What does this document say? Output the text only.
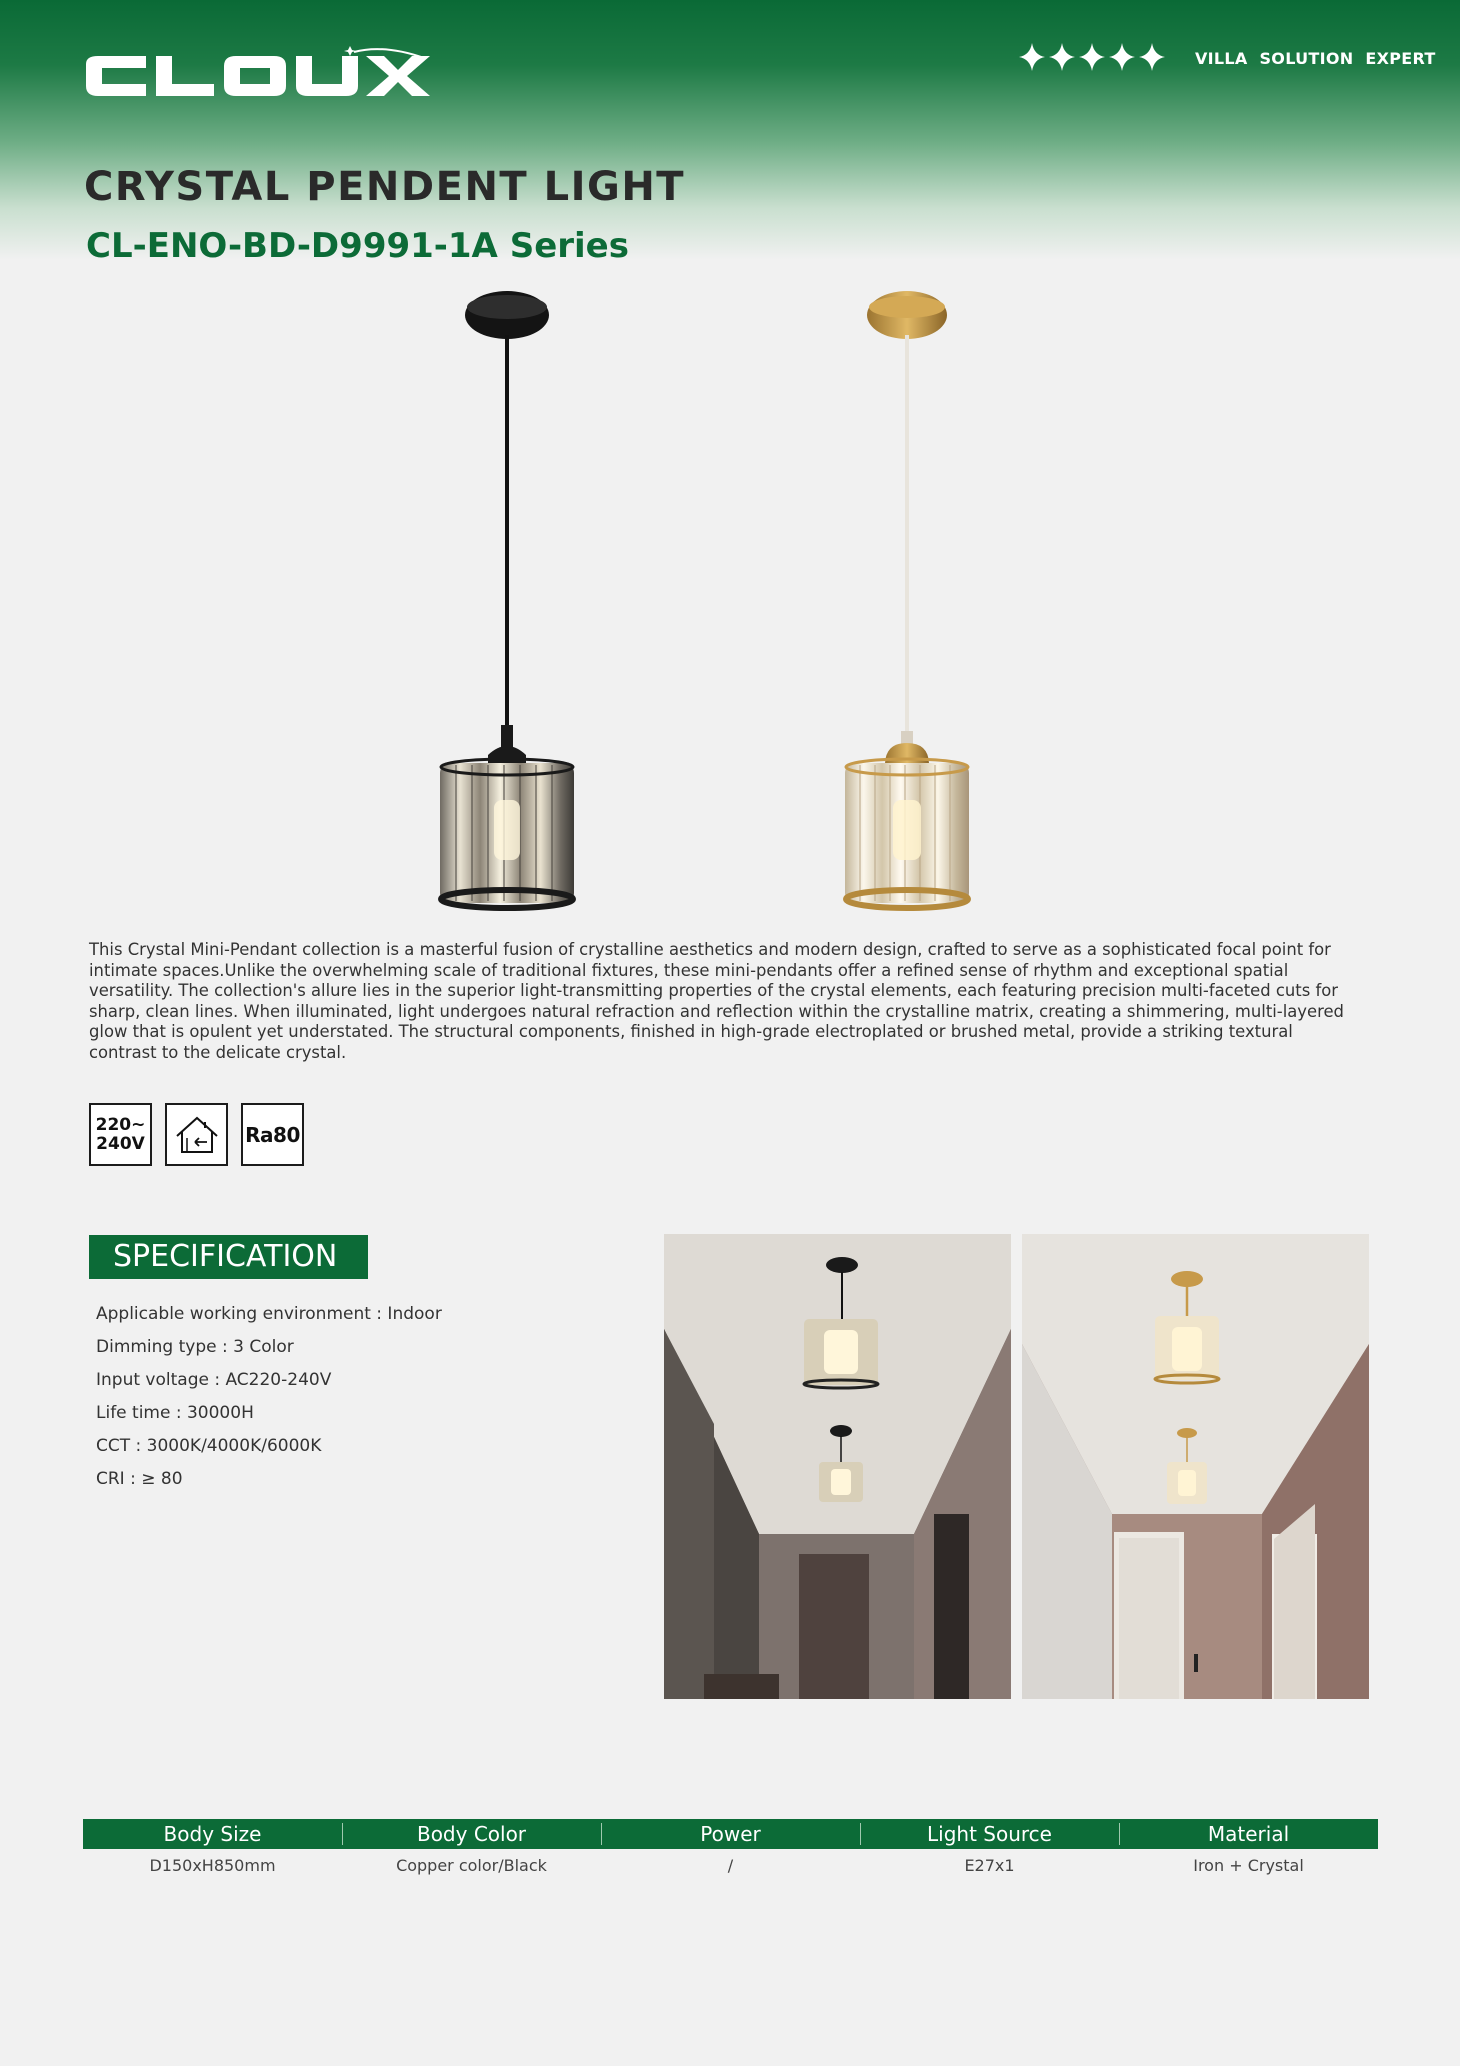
VILLA SOLUTION EXPERT
CRYSTAL PENDENT LIGHT
CL-ENO-BD-D9991-1A Series

This Crystal Mini-Pendant collection is a masterful fusion of crystalline aesthetics and modern design, crafted to serve as a sophisticated focal point for intimate spaces.Unlike the overwhelming scale of traditional fixtures, these mini-pendants offer a refined sense of rhythm and exceptional spatial versatility. The collection's allure lies in the superior light-transmitting properties of the crystal elements, each featuring precision multi-faceted cuts for sharp, clean lines. When illuminated, light undergoes natural refraction and reflection within the crystalline matrix, creating a shimmering, multi-layered glow that is opulent yet understated. The structural components, finished in high-grade electroplated or brushed metal, provide a striking textural contrast to the delicate crystal.

220~
240V	Ra80
SPECIFICATION
Applicable working environment : Indoor
Dimming type : 3 Color
Input voltage : AC220-240V
Life time : 30000H
CCT : 3000K/4000K/6000K
CRI : ≥ 80
Body Size	Body Color	Power	Light Source	Material
D150xH850mm	Copper color/Black	/	E27x1	Iron + Crystal
